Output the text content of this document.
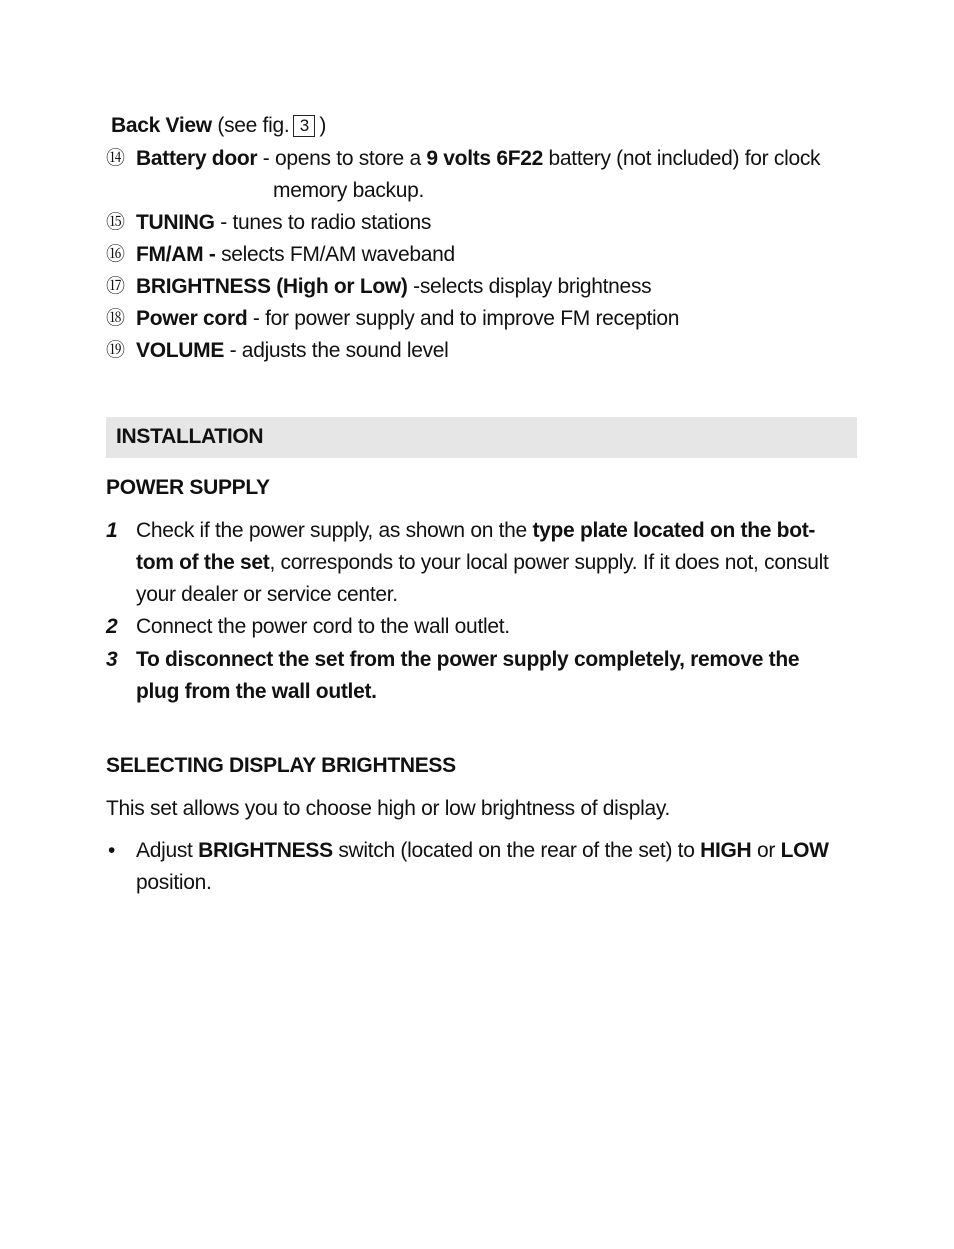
Back View (see fig. 3 )
⑭ Battery door - opens to store a 9 volts 6F22 battery (not included) for clock
memory backup.
⑮ TUNING - tunes to radio stations
⑯ FM/AM - selects FM/AM waveband
⑰ BRIGHTNESS (High or Low) -selects display brightness
⑱ Power cord - for power supply and to improve FM reception
⑲ VOLUME - adjusts the sound level
INSTALLATION
POWER SUPPLY
1 Check if the power supply, as shown on the type plate located on the bot-
tom of the set, corresponds to your local power supply. If it does not, consult
your dealer or service center.
2 Connect the power cord to the wall outlet.
3 To disconnect the set from the power supply completely, remove the
plug from the wall outlet.
SELECTING DISPLAY BRIGHTNESS
This set allows you to choose high or low brightness of display.
• Adjust BRIGHTNESS switch (located on the rear of the set) to HIGH or LOW
position.
